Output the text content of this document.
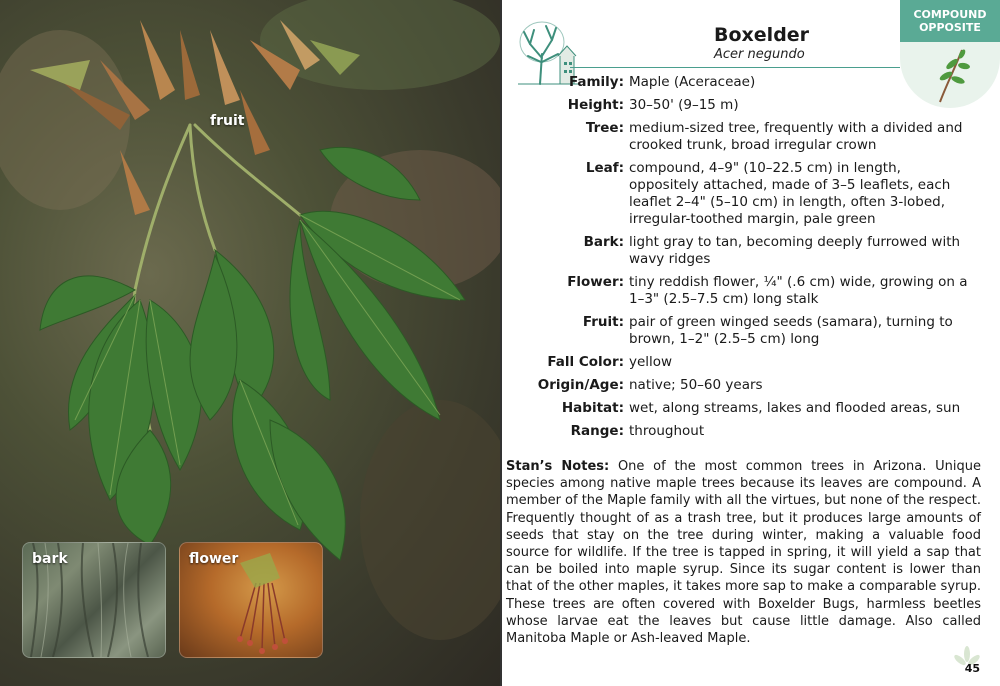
fruit
bark	flower
Boxelder
Acer negundo
COMPOUND
OPPOSITE
Family: Maple (Aceraceae)
Height: 30–50' (9–15 m)
Tree: medium-sized tree, frequently with a divided and crooked trunk, broad irregular crown
Leaf: compound, 4–9" (10–22.5 cm) in length, oppositely attached, made of 3–5 leaflets, each leaflet 2–4" (5–10 cm) in length, often 3-lobed, irregular-toothed margin, pale green
Bark: light gray to tan, becoming deeply furrowed with wavy ridges
Flower: tiny reddish flower, ¼" (.6 cm) wide, growing on a 1–3" (2.5–7.5 cm) long stalk
Fruit: pair of green winged seeds (samara), turning to brown, 1–2" (2.5–5 cm) long
Fall Color: yellow
Origin/Age: native; 50–60 years
Habitat: wet, along streams, lakes and flooded areas, sun
Range: throughout
Stan’s Notes: One of the most common trees in Arizona. Unique species among native maple trees because its leaves are compound. A member of the Maple family with all the virtues, but none of the respect. Frequently thought of as a trash tree, but it produces large amounts of seeds that stay on the tree during winter, making a valuable food source for wildlife. If the tree is tapped in spring, it will yield a sap that can be boiled into maple syrup. Since its sugar content is lower than that of the other maples, it takes more sap to make a comparable syrup. These trees are often covered with Boxelder Bugs, harmless beetles whose larvae eat the leaves but cause little damage. Also called Manitoba Maple or Ash-leaved Maple.
45
